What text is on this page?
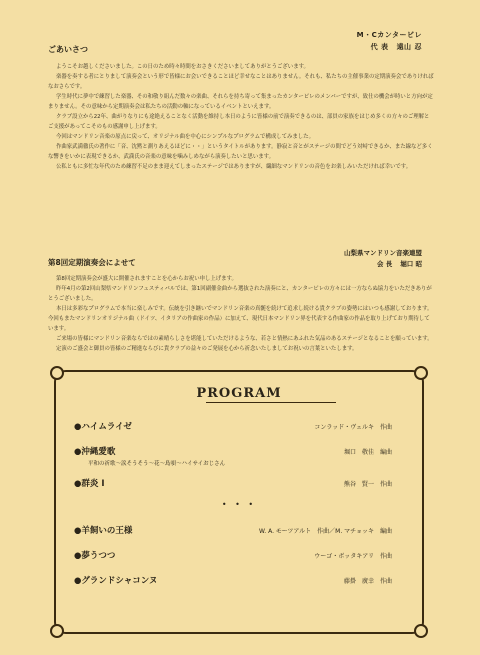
M・Cカンタービレ
代 表 遠山 忍
ごあいさつ

ようこそお越しくださいました。この日のため時々時間をおさきくださいましてありがとうございます。

楽器を奏する者にとりまして演奏会という形で皆様にお会いできることほど幸せなことはありません。それも、私たちの主催事業の定期演奏会でありければなおさらです。

学生時代に夢中で練習した楽器、その和敬り組んだ数々の楽曲、それらを持ち寄って集まったカンタービレのメンバーですが、致仕の機会が時いと方向が定まりません。その意味から定期演奏会は私たちの活動の軸になっているイベントといえます。

クラブ設立から22年、曲がりなりにも途絶えることなく活動を維持し本日のように皆様の前で演奏できるのは、部員の家族をはじめ多くの方々のご理解とご支援があってこそのもの感謝申し上げます。

今回はマンドリン音楽の原点に戻って、オリジナル曲を中心にシンプルなプログラムで構成してみました。

作曲家武満徹氏の著作に「音、沈黙と測りあえるほどに・・」というタイトルがあります。静寂と音とがステージの間でどう対峙できるか、また線など多くな響きをいかに表現できるか、武満氏の音楽の意味を噛みしめながら演奏したいと思います。

公私ともに多忙な年代のため練習不足のまま迎えてしまったステージではありますが、繊細なマンドリンの音色をお楽しみいただければ幸いです。

山梨県マンドリン音楽連盟
第8回定期演奏会によせて	会 長 堀口 昭

第8回定期演奏会が盛大に開催されますことを心からお祝い申し上げます。

昨年4月の第2回山梨県マンドリンフェスティバルでは、第1回副催金曲から選抜された演奏にと、カンタービレの方々には一方ならぬ協力をいただきありがとうございました。

本日は多彩なプログラムで本当に楽しみです。伝統を引き継いでマンドリン音楽の真髄を続けて追求し続ける貴クラブの姿勢にはいつも感謝しております。今回もまたマンドリンオリジナル曲（ドイツ、イタリアの作曲家の作品）に加えて、現代日本マンドリン界を代表する作曲家の作品を取り上げており期待しています。

ご来場の皆様にマンドリン音楽ならではの素晴らしさを堪能していただけるような、若さと情熱にあふれた気品のあるステージとなることを願っています。

定演のご盛会と御員の皆様のご精進ならびに貴クラブの益々のご発展を心から祈念いたしましてお祝いの言葉といたします。

PROGRAM
●ハイムライゼ	コンラッド・ヴェルキ　作曲
●沖縄愛歌	堀口　敬佳　編曲
平和の祈歌～涙そうそう～花～島唄～ハイサイおじさん
●群炎 I	熊谷　賢一　作曲
• • •
●羊飼いの王様	W. A. モーツアルト　作曲／M. マチョッキ　編曲
●夢うつつ	ウーゴ・ボッタキアリ　作曲
●グランドシャコンヌ	藤掛　廣幸　作曲
